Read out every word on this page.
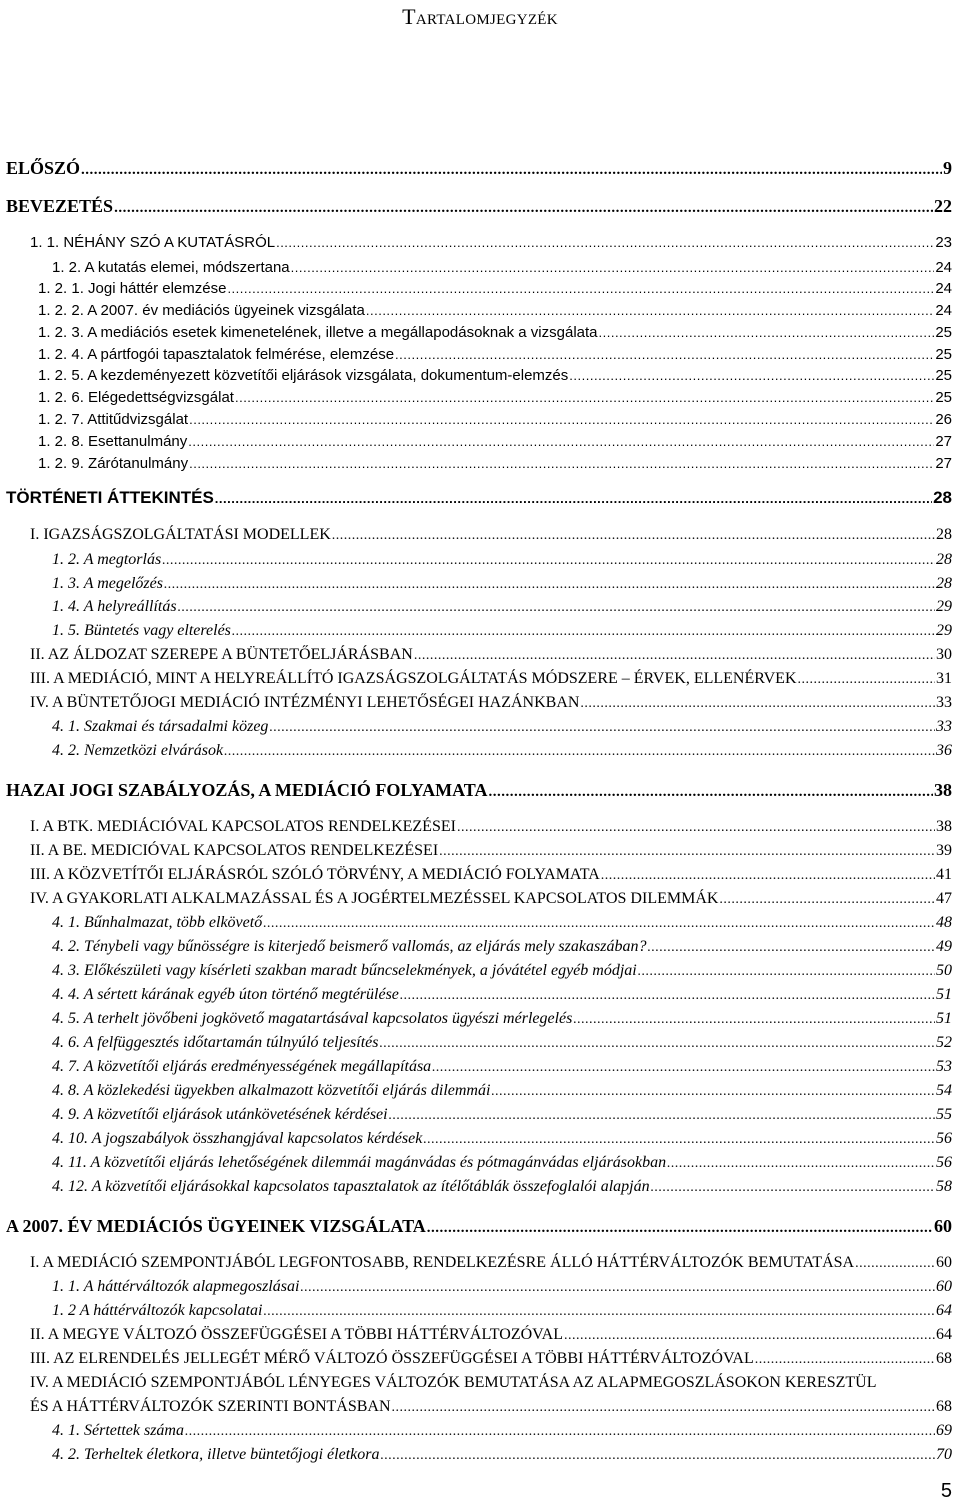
Tartalomjegyzék
ELŐSZÓ .....	9
BEVEZETÉS .....	22
1. 1. NÉHÁNY SZÓ A KUTATÁSRÓL .....	23
1. 2. A kutatás elemei, módszertana .....	24
1. 2. 1. Jogi háttér elemzése .....	24
1. 2. 2. A 2007. év mediációs ügyeinek vizsgálata .....	24
1. 2. 3. A mediációs esetek kimenetelének, illetve a megállapodásoknak a vizsgálata .....	25
1. 2. 4. A pártfogói tapasztalatok felmérése, elemzése .....	25
1. 2. 5. A kezdeményezett közvetítői eljárások vizsgálata, dokumentum-elemzés .....	25
1. 2. 6. Elégedettségvizsgálat .....	25
1. 2. 7. Attitűdvizsgálat .....	26
1. 2. 8. Esettanulmány .....	27
1. 2. 9. Zárótanulmány .....	27
TÖRTÉNETI ÁTTEKINTÉS .....	28
I. IGAZSÁGSZOLGÁLTATÁSI MODELLEK .....	28
1. 2. A megtorlás .....	28
1. 3. A megelőzés .....	28
1. 4. A helyreállítás .....	29
1. 5. Büntetés vagy elterelés .....	29
II. AZ ÁLDOZAT SZEREPE A BÜNTETŐELJÁRÁSBAN .....	30
III. A MEDIÁCIÓ, MINT A HELYREÁLLÍTÓ IGAZSÁGSZOLGÁLTATÁS MÓDSZERE – ÉRVEK, ELLENÉRVEK .....	31
IV. A BÜNTETŐJOGI MEDIÁCIÓ INTÉZMÉNYI LEHETŐSÉGEI HAZÁNKBAN .....	33
4. 1. Szakmai és társadalmi közeg .....	33
4. 2. Nemzetközi elvárások .....	36
HAZAI JOGI SZABÁLYOZÁS, A MEDIÁCIÓ FOLYAMATA .....	38
I. A BTK. MEDIÁCIÓVAL KAPCSOLATOS RENDELKEZÉSEI .....	38
II. A BE. MEDICIÓVAL KAPCSOLATOS RENDELKEZÉSEI .....	39
III. A KÖZVETÍTŐI ELJÁRÁSRÓL SZÓLÓ TÖRVÉNY, A MEDIÁCIÓ FOLYAMATA .....	41
IV. A GYAKORLATI ALKALMAZÁSSAL ÉS A JOGÉRTELMEZÉSSEL KAPCSOLATOS DILEMMÁK .....	47
4. 1. Bűnhalmazat, több elkövető .....	48
4. 2. Ténybeli vagy bűnösségre is kiterjedő beismerő vallomás, az eljárás mely szakaszában? .....	49
4. 3. Előkészületi vagy kísérleti szakban maradt bűncselekmények, a jóvátétel egyéb módjai .....	50
4. 4. A sértett kárának egyéb úton történő megtérülése .....	51
4. 5. A terhelt jövőbeni jogkövető magatartásával kapcsolatos ügyészi mérlegelés .....	51
4. 6. A felfüggesztés időtartamán túlnyúló teljesítés .....	52
4. 7. A közvetítői eljárás eredményességének megállapítása .....	53
4. 8. A közlekedési ügyekben alkalmazott közvetítői eljárás dilemmái .....	54
4. 9. A közvetítői eljárások utánkövetésének kérdései .....	55
4. 10. A jogszabályok összhangjával kapcsolatos kérdések .....	56
4. 11. A közvetítői eljárás lehetőségének dilemmái magánvádas és pótmagánvádas eljárásokban .....	56
4. 12. A közvetítői eljárásokkal kapcsolatos tapasztalatok az ítélőtáblák összefoglalói alapján .....	58
A 2007. ÉV MEDIÁCIÓS ÜGYEINEK VIZSGÁLATA .....	60
I. A MEDIÁCIÓ SZEMPONTJÁBÓL LEGFONTOSABB, RENDELKEZÉSRE ÁLLÓ HÁTTÉRVÁLTOZÓK BEMUTATÁSA .....	60
1. 1. A háttérváltozók alapmegoszlásai .....	60
1. 2 A háttérváltozók kapcsolatai .....	64
II. A MEGYE VÁLTOZÓ ÖSSZEFÜGGÉSEI A TÖBBI HÁTTÉRVÁLTOZÓVAL .....	64
III. AZ ELRENDELÉS JELLEGÉT MÉRŐ VÁLTOZÓ ÖSSZEFÜGGÉSEI A TÖBBI HÁTTÉRVÁLTOZÓVAL .....	68
IV. A MEDIÁCIÓ SZEMPONTJÁBÓL LÉNYEGES VÁLTOZÓK BEMUTATÁSA AZ ALAPMEGOSZLÁSOKON KERESZTÜL
ÉS A HÁTTÉRVÁLTOZÓK SZERINTI BONTÁSBAN .....	68
4. 1. Sértettek száma .....	69
4. 2. Terheltek életkora, illetve büntetőjogi életkora .....	70
5
